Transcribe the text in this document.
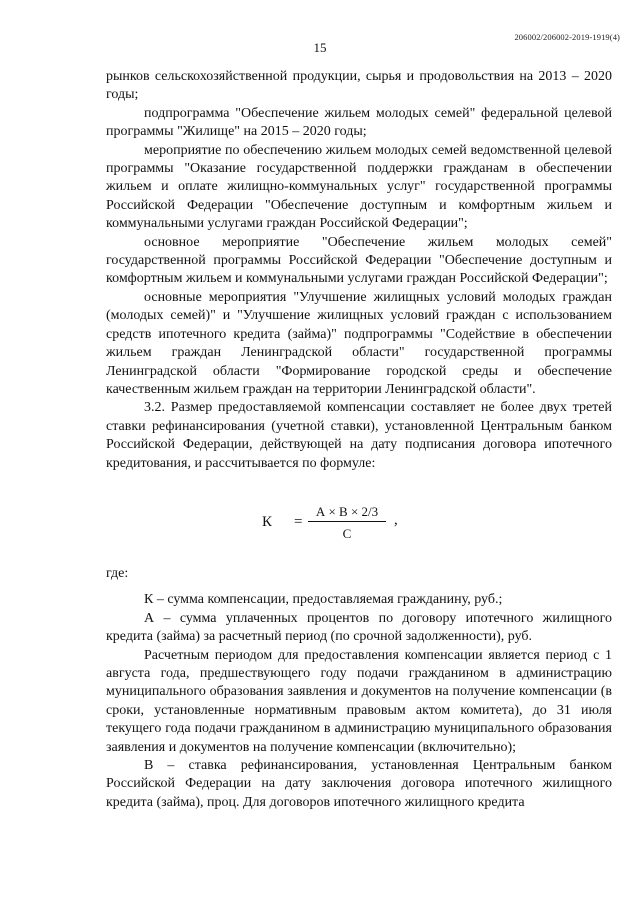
206002/206002-2019-1919(4)
15

рынков сельскохозяйственной продукции, сырья и продовольствия на 2013 – 2020 годы;

подпрограмма "Обеспечение жильем молодых семей" федеральной целевой программы "Жилище" на 2015 – 2020 годы;

мероприятие по обеспечению жильем молодых семей ведомственной целевой программы "Оказание государственной поддержки гражданам в обеспечении жильем и оплате жилищно-коммунальных услуг" государственной программы Российской Федерации "Обеспечение доступным и комфортным жильем и коммунальными услугами граждан Российской Федерации";

основное мероприятие "Обеспечение жильем молодых семей" государственной программы Российской Федерации "Обеспечение доступным и комфортным жильем и коммунальными услугами граждан Российской Федерации";

основные мероприятия "Улучшение жилищных условий молодых граждан (молодых семей)" и "Улучшение жилищных условий граждан с использованием средств ипотечного кредита (займа)" подпрограммы "Содействие в обеспечении жильем граждан Ленинградской области" государственной программы Ленинградской области "Формирование городской среды и обеспечение качественным жильем граждан на территории Ленинградской области".

3.2. Размер предоставляемой компенсации составляет не более двух третей ставки рефинансирования (учетной ставки), установленной Центральным банком Российской Федерации, действующей на дату подписания договора ипотечного кредитования, и рассчитывается по формуле:

К =
А × В × 2/3
С
,

где:

К – сумма компенсации, предоставляемая гражданину, руб.;

А – сумма уплаченных процентов по договору ипотечного жилищного кредита (займа) за расчетный период (по срочной задолженности), руб.

Расчетным периодом для предоставления компенсации является период с 1 августа года, предшествующего году подачи гражданином в администрацию муниципального образования заявления и документов на получение компенсации (в сроки, установленные нормативным правовым актом комитета), до 31 июля текущего года подачи гражданином в администрацию муниципального образования заявления и документов на получение компенсации (включительно);

В – ставка рефинансирования, установленная Центральным банком Российской Федерации на дату заключения договора ипотечного жилищного кредита (займа), проц. Для договоров ипотечного жилищного кредита
